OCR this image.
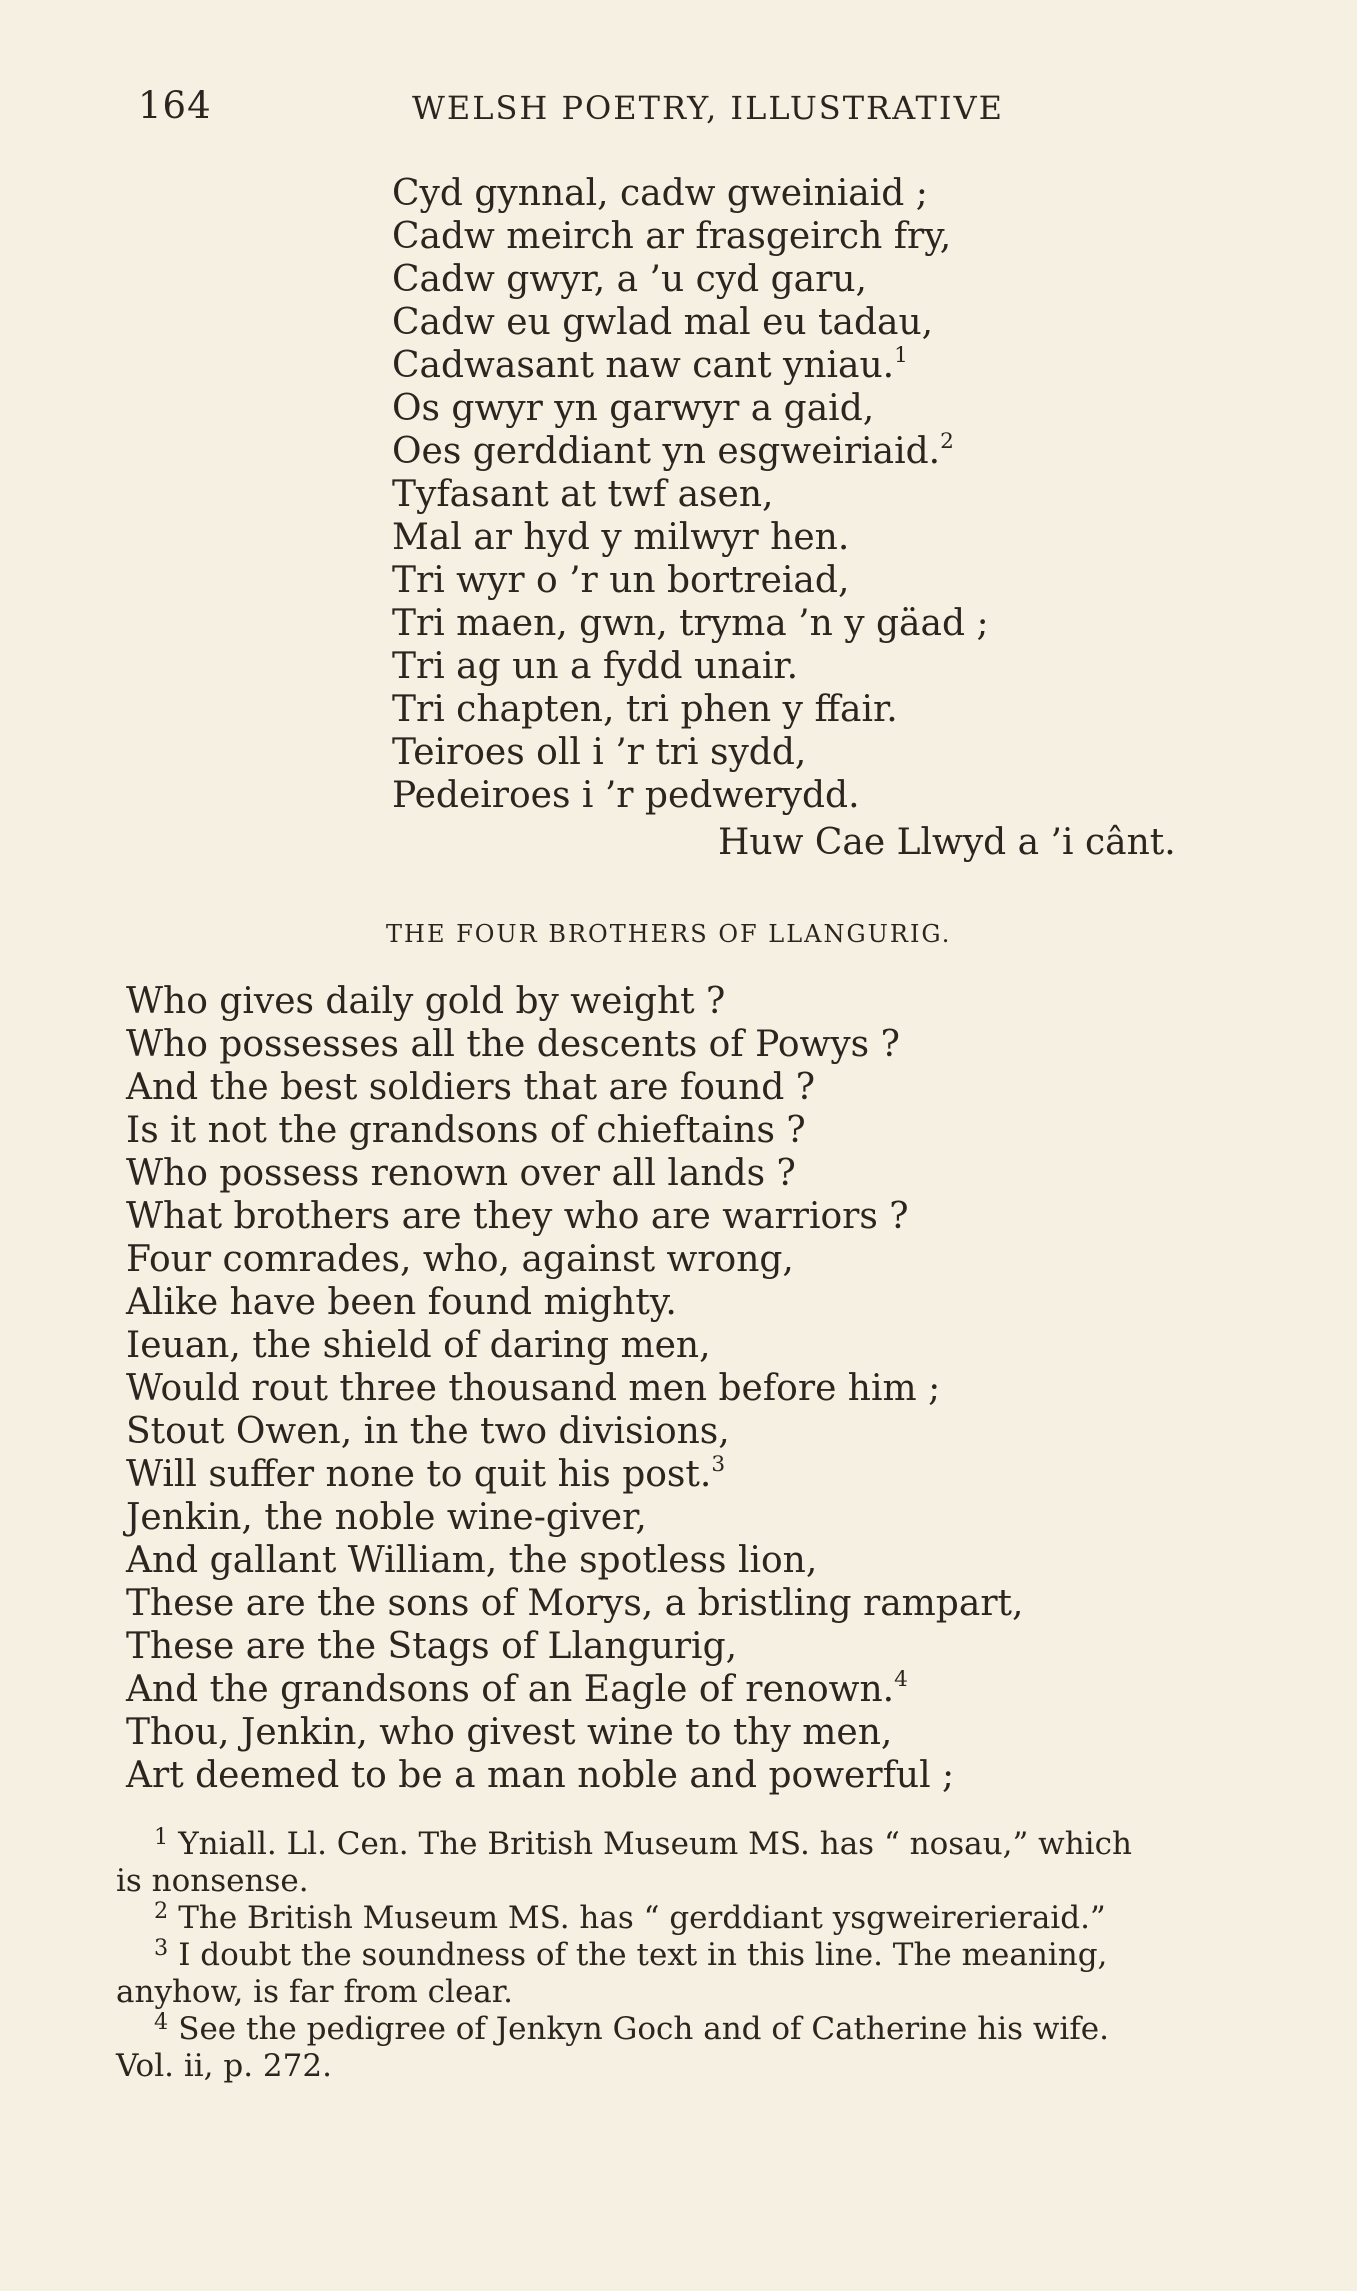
164	WELSH POETRY, ILLUSTRATIVE
Cyd gynnal, cadw gweiniaid ;
Cadw meirch ar frasgeirch fry,
Cadw gwyr, a ’u cyd garu,
Cadw eu gwlad mal eu tadau,
Cadwasant naw cant yniau.$^1$
Os gwyr yn garwyr a gaid,
Oes gerddiant yn esgweiriaid.$^2$
Tyfasant at twf asen,
Mal ar hyd y milwyr hen.
Tri wyr o ’r un bortreiad,
Tri maen, gwn, tryma ’n y gäad ;
Tri ag un a fydd unair.
Tri chapten, tri phen y ffair.
Teiroes oll i ’r tri sydd,
Pedeiroes i ’r pedwerydd.
Huw Cae Llwyd a ’i cânt.
THE FOUR BROTHERS OF LLANGURIG.
Who gives daily gold by weight ?
Who possesses all the descents of Powys ?
And the best soldiers that are found ?
Is it not the grandsons of chieftains ?
Who possess renown over all lands ?
What brothers are they who are warriors ?
Four comrades, who, against wrong,
Alike have been found mighty.
Ieuan, the shield of daring men,
Would rout three thousand men before him ;
Stout Owen, in the two divisions,
Will suffer none to quit his post.$^3$
Jenkin, the noble wine-giver,
And gallant William, the spotless lion,
These are the sons of Morys, a bristling rampart,
These are the Stags of Llangurig,
And the grandsons of an Eagle of renown.$^4$
Thou, Jenkin, who givest wine to thy men,
Art deemed to be a man noble and powerful ;
$^1$ Yniall. Ll. Cen. The British Museum MS. has “ nosau,” which
is nonsense.
$^2$ The British Museum MS. has “ gerddiant ysgweirerieraid.”
$^3$ I doubt the soundness of the text in this line. The meaning,
anyhow, is far from clear.
$^4$ See the pedigree of Jenkyn Goch and of Catherine his wife.
Vol. ii, p. 272.
